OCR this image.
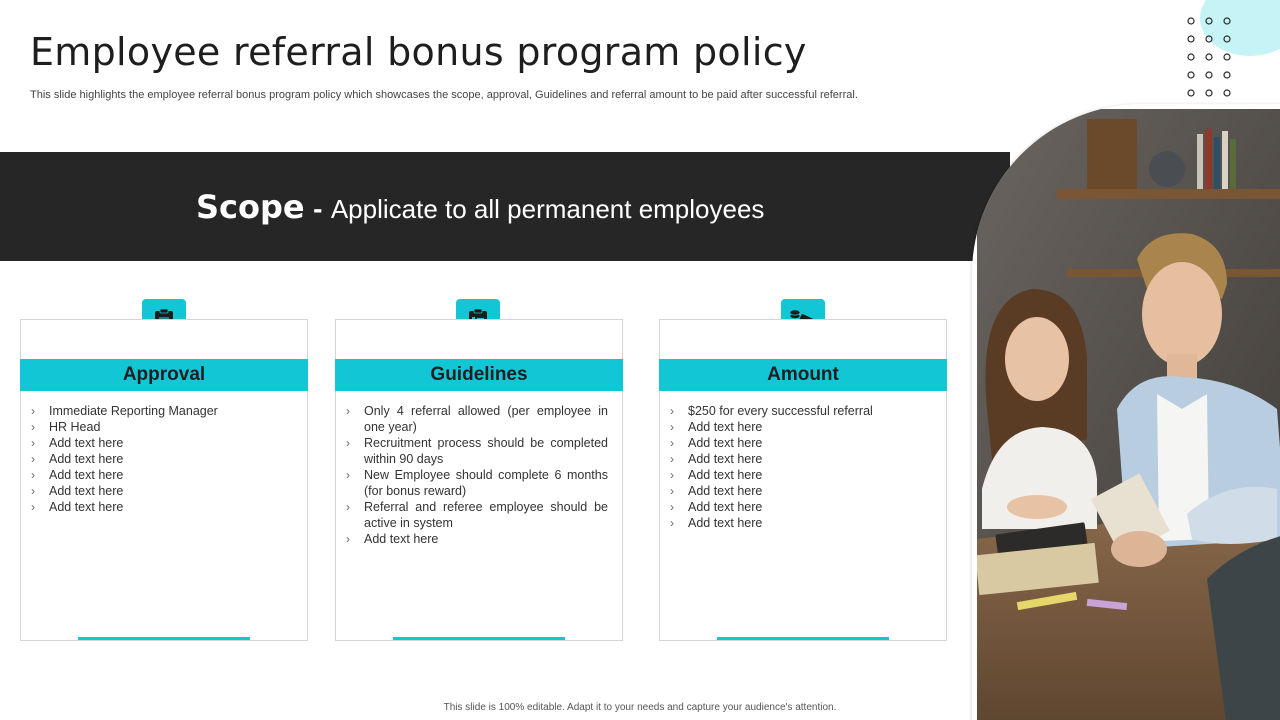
Employee referral bonus program policy

This slide highlights the employee referral bonus program policy which showcases the scope, approval, Guidelines and referral amount to be paid after successful referral.

Scope - Applicate to all permanent employees
Approval
› Immediate Reporting Manager
› HR Head
› Add text here
› Add text here
› Add text here
› Add text here
› Add text here
Guidelines
› Only 4 referral allowed (per employee in one year)
› Recruitment process should be completed within 90 days
› New Employee should complete 6 months (for bonus reward)
› Referral and referee employee should be active in system
› Add text here
Amount
› $250 for every successful referral
› Add text here
› Add text here
› Add text here
› Add text here
› Add text here
› Add text here
› Add text here
This slide is 100% editable. Adapt it to your needs and capture your audience's attention.
